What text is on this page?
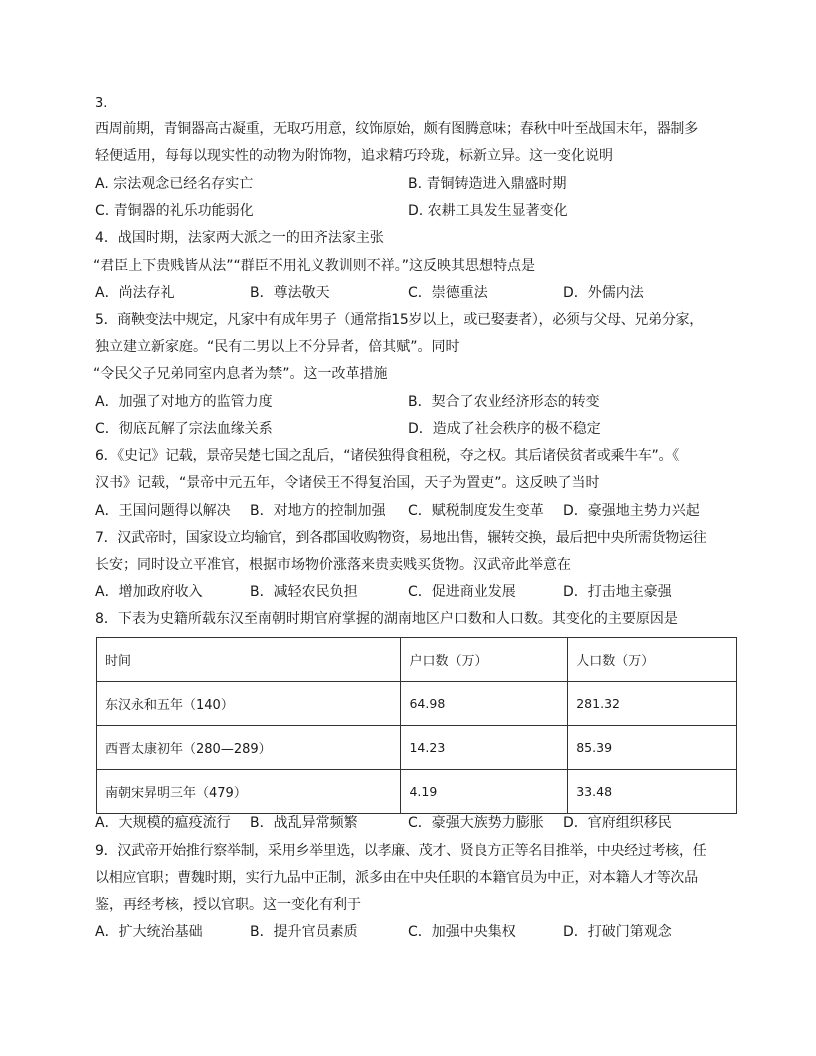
3.
西周前期，青铜器高古凝重，无取巧用意，纹饰原始，颇有图腾意味；春秋中叶至战国末年，器制多
轻便适用，每每以现实性的动物为附饰物，追求精巧玲珑，标新立异。这一变化说明
A. 宗法观念已经名存实亡	B. 青铜铸造进入鼎盛时期
C. 青铜器的礼乐功能弱化	D. 农耕工具发生显著变化
4．战国时期，法家两大派之一的田齐法家主张
“君臣上下贵贱皆从法”“群臣不用礼义教训则不祥。”这反映其思想特点是
A．尚法存礼	B．尊法敬天	C．崇德重法	D．外儒内法
5．商鞅变法中规定，凡家中有成年男子（通常指15岁以上，或已娶妻者），必须与父母、兄弟分家，
独立建立新家庭。“民有二男以上不分异者，倍其赋”。同时
“令民父子兄弟同室内息者为禁”。这一改革措施
A．加强了对地方的监管力度	B．契合了农业经济形态的转变
C．彻底瓦解了宗法血缘关系	D．造成了社会秩序的极不稳定
6．《史记》记载，景帝吴楚七国之乱后，“诸侯独得食租税，夺之权。其后诸侯贫者或乘牛车”。《
汉书》记载，“景帝中元五年，令诸侯王不得复治国，天子为置吏”。这反映了当时
A．王国问题得以解决 B．对地方的控制加强 C．赋税制度发生变革 D．豪强地主势力兴起
7．汉武帝时，国家设立均输官，到各郡国收购物资，易地出售，辗转交换，最后把中央所需货物运往
长安；同时设立平准官，根据市场物价涨落来贵卖贱买货物。汉武帝此举意在
A．增加政府收入	B．减轻农民负担	C．促进商业发展	D．打击地主豪强
8．下表为史籍所载东汉至南朝时期官府掌握的湖南地区户口数和人口数。其变化的主要原因是
时间	户口数（万）	人口数（万）
东汉永和五年（140）	64.98	281.32
西晋太康初年（280—289）	14.23	85.39
南朝宋昇明三年（479）	4.19	33.48
A．大规模的瘟疫流行 B．战乱异常频繁	C．豪强大族势力膨胀 D．官府组织移民
9．汉武帝开始推行察举制，采用乡举里选，以孝廉、茂才、贤良方正等名目推举，中央经过考核，任
以相应官职；曹魏时期，实行九品中正制，派多由在中央任职的本籍官员为中正，对本籍人才等次品
鉴，再经考核，授以官职。这一变化有利于
A．扩大统治基础	B．提升官员素质	C．加强中央集权	D．打破门第观念
